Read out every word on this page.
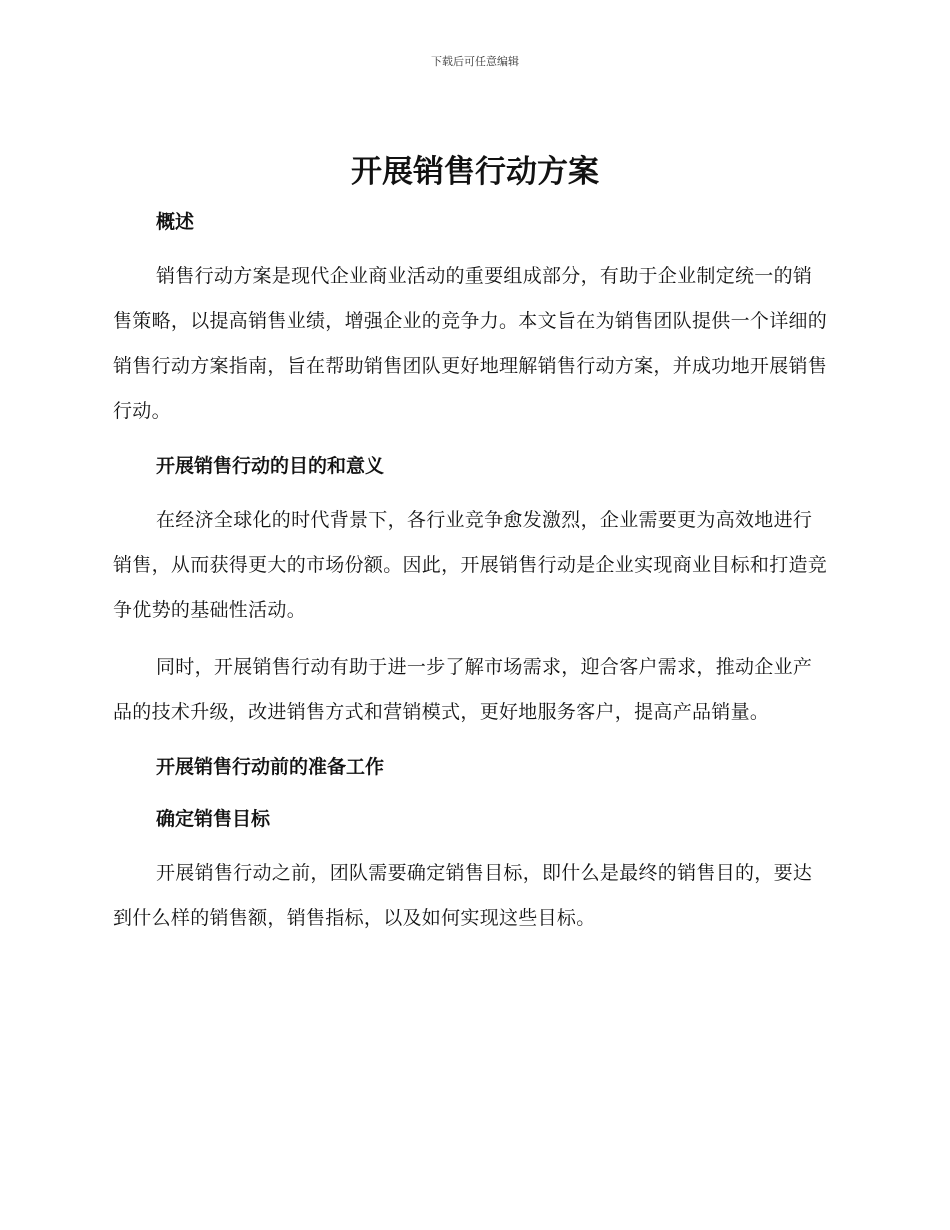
下载后可任意编辑
开展销售行动方案
概述

销售行动方案是现代企业商业活动的重要组成部分，有助于企业制定统一的销售策略，以提高销售业绩，增强企业的竞争力。本文旨在为销售团队提供一个详细的销售行动方案指南，旨在帮助销售团队更好地理解销售行动方案，并成功地开展销售行动。

开展销售行动的目的和意义

在经济全球化的时代背景下，各行业竞争愈发激烈，企业需要更为高效地进行销售，从而获得更大的市场份额。因此，开展销售行动是企业实现商业目标和打造竞争优势的基础性活动。

同时，开展销售行动有助于进一步了解市场需求，迎合客户需求，推动企业产品的技术升级，改进销售方式和营销模式，更好地服务客户，提高产品销量。

开展销售行动前的准备工作
确定销售目标

开展销售行动之前，团队需要确定销售目标，即什么是最终的销售目的，要达到什么样的销售额，销售指标，以及如何实现这些目标。
